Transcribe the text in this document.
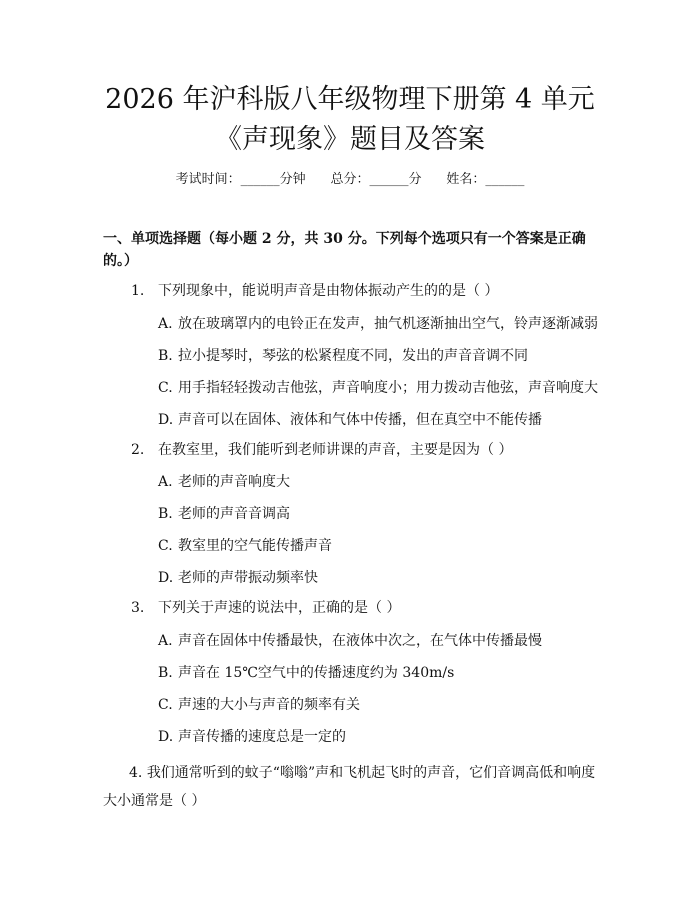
2026 年沪科版八年级物理下册第 4 单元《声现象》题目及答案
考试时间：______分钟 总分：______分 姓名：______
一、单项选择题（每小题 2 分，共 30 分。下列每个选项只有一个答案是正确的。）
1. 下列现象中，能说明声音是由物体振动产生的的是（ ）
A. 放在玻璃罩内的电铃正在发声，抽气机逐渐抽出空气，铃声逐渐减弱
B. 拉小提琴时，琴弦的松紧程度不同，发出的声音音调不同
C. 用手指轻轻拨动吉他弦，声音响度小；用力拨动吉他弦，声音响度大
D. 声音可以在固体、液体和气体中传播，但在真空中不能传播
2. 在教室里，我们能听到老师讲课的声音，主要是因为（ ）
A. 老师的声音响度大
B. 老师的声音音调高
C. 教室里的空气能传播声音
D. 老师的声带振动频率快
3. 下列关于声速的说法中，正确的是（ ）
A. 声音在固体中传播最快，在液体中次之，在气体中传播最慢
B. 声音在 15℃空气中的传播速度约为 340m/s
C. 声速的大小与声音的频率有关
D. 声音传播的速度总是一定的
4. 我们通常听到的蚊子“嗡嗡”声和飞机起飞时的声音，它们音调高低和响度大小通常是（ ）
